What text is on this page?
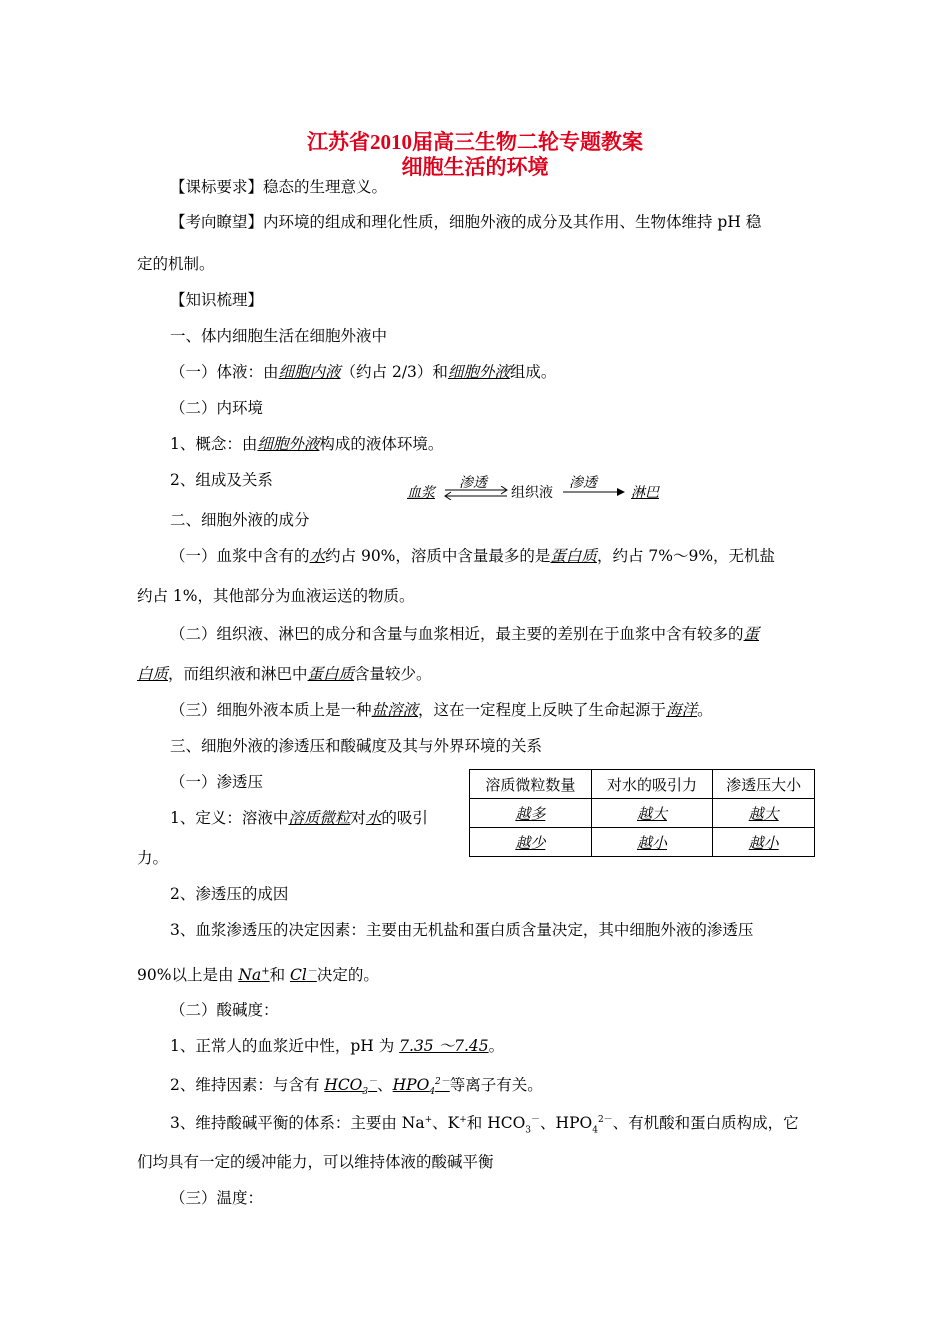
江苏省2010届高三生物二轮专题教案
细胞生活的环境
【课标要求】稳态的生理意义。
【考向瞭望】内环境的组成和理化性质，细胞外液的成分及其作用、生物体维持 pH 稳
定的机制。
【知识梳理】
一、体内细胞生活在细胞外液中
（一）体液：由细胞内液（约占 2/3）和细胞外液组成。
（二）内环境
1、概念：由细胞外液构成的液体环境。
2、组成及关系
血浆
渗透
组织液
渗透
淋巴
二、细胞外液的成分
（一）血浆中含有的水约占 90%，溶质中含量最多的是蛋白质，约占 7%～9%，无机盐
约占 1%，其他部分为血液运送的物质。
（二）组织液、淋巴的成分和含量与血浆相近，最主要的差别在于血浆中含有较多的蛋
白质，而组织液和淋巴中蛋白质含量较少。
（三）细胞外液本质上是一种盐溶液，这在一定程度上反映了生命起源于海洋。
三、细胞外液的渗透压和酸碱度及其与外界环境的关系
（一）渗透压
1、定义：溶液中溶质微粒对水的吸引
力。
溶质微粒数量	对水的吸引力	渗透压大小
越多	越大	越大
越少	越小	越小
2、渗透压的成因
3、血浆渗透压的决定因素：主要由无机盐和蛋白质含量决定，其中细胞外液的渗透压
90%以上是由 Na+和 Cl－决定的。
（二）酸碱度：
1、正常人的血浆近中性，pH 为 7.35 ～7.45。
2、维持因素：与含有 $HCO_3^-$、$HPO_4^{2-}$等离子有关。
3、维持酸碱平衡的体系：主要由 Na+、K+和 $HCO_3^-$、$HPO_4^{2-}$、有机酸和蛋白质构成，它
们均具有一定的缓冲能力，可以维持体液的酸碱平衡
（三）温度：
